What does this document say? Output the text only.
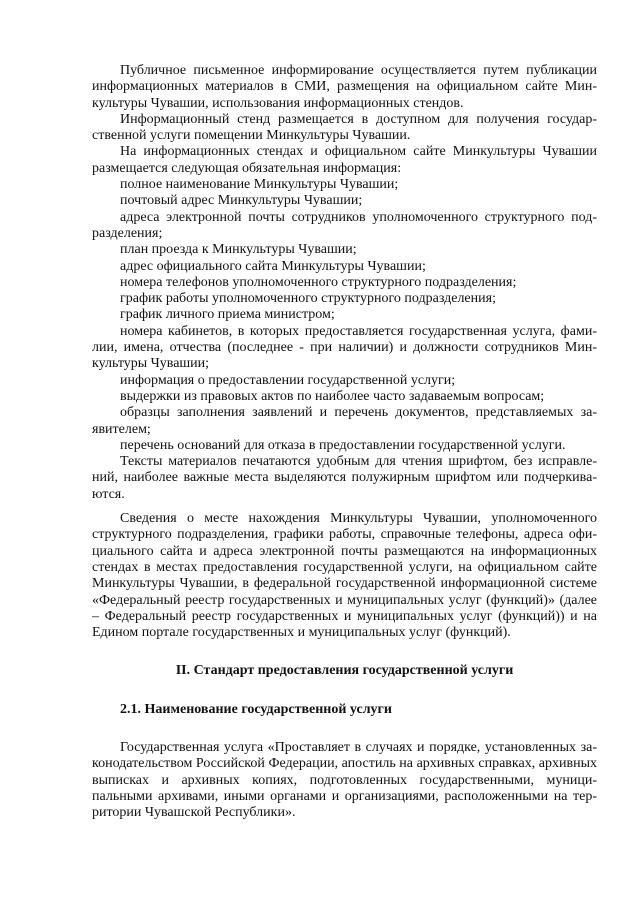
Публичное письменное информирование осуществляется путем публикации информационных материалов в СМИ, размещения на официальном сайте Минкультуры Чувашии, использования информационных стендов.

Информационный стенд размещается в доступном для получения государственной услуги помещении Минкультуры Чувашии.

На информационных стендах и официальном сайте Минкультуры Чувашии размещается следующая обязательная информация:

полное наименование Минкультуры Чувашии;

почтовый адрес Минкультуры Чувашии;

адреса электронной почты сотрудников уполномоченного структурного подразделения;

план проезда к Минкультуры Чувашии;

адрес официального сайта Минкультуры Чувашии;

номера телефонов уполномоченного структурного подразделения;

график работы уполномоченного структурного подразделения;

график личного приема министром;

номера кабинетов, в которых предоставляется государственная услуга, фамилии, имена, отчества (последнее - при наличии) и должности сотрудников Минкультуры Чувашии;

информация о предоставлении государственной услуги;

выдержки из правовых актов по наиболее часто задаваемым вопросам;

образцы заполнения заявлений и перечень документов, представляемых заявителем;

перечень оснований для отказа в предоставлении государственной услуги.

Тексты материалов печатаются удобным для чтения шрифтом, без исправлений, наиболее важные места выделяются полужирным шрифтом или подчеркиваются.

Сведения о месте нахождения Минкультуры Чувашии, уполномоченного структурного подразделения, графики работы, справочные телефоны, адреса официального сайта и адреса электронной почты размещаются на информационных стендах в местах предоставления государственной услуги, на официальном сайте Минкультуры Чувашии, в федеральной государственной информационной системе «Федеральный реестр государственных и муниципальных услуг (функций)» (далее – Федеральный реестр государственных и муниципальных услуг (функций)) и на Едином портале государственных и муниципальных услуг (функций).

II. Стандарт предоставления государственной услуги

2.1. Наименование государственной услуги

Государственная услуга «Проставляет в случаях и порядке, установленных законодательством Российской Федерации, апостиль на архивных справках, архивных выписках и архивных копиях, подготовленных государственными, муниципальными архивами, иными органами и организациями, расположенными на территории Чувашской Республики».
